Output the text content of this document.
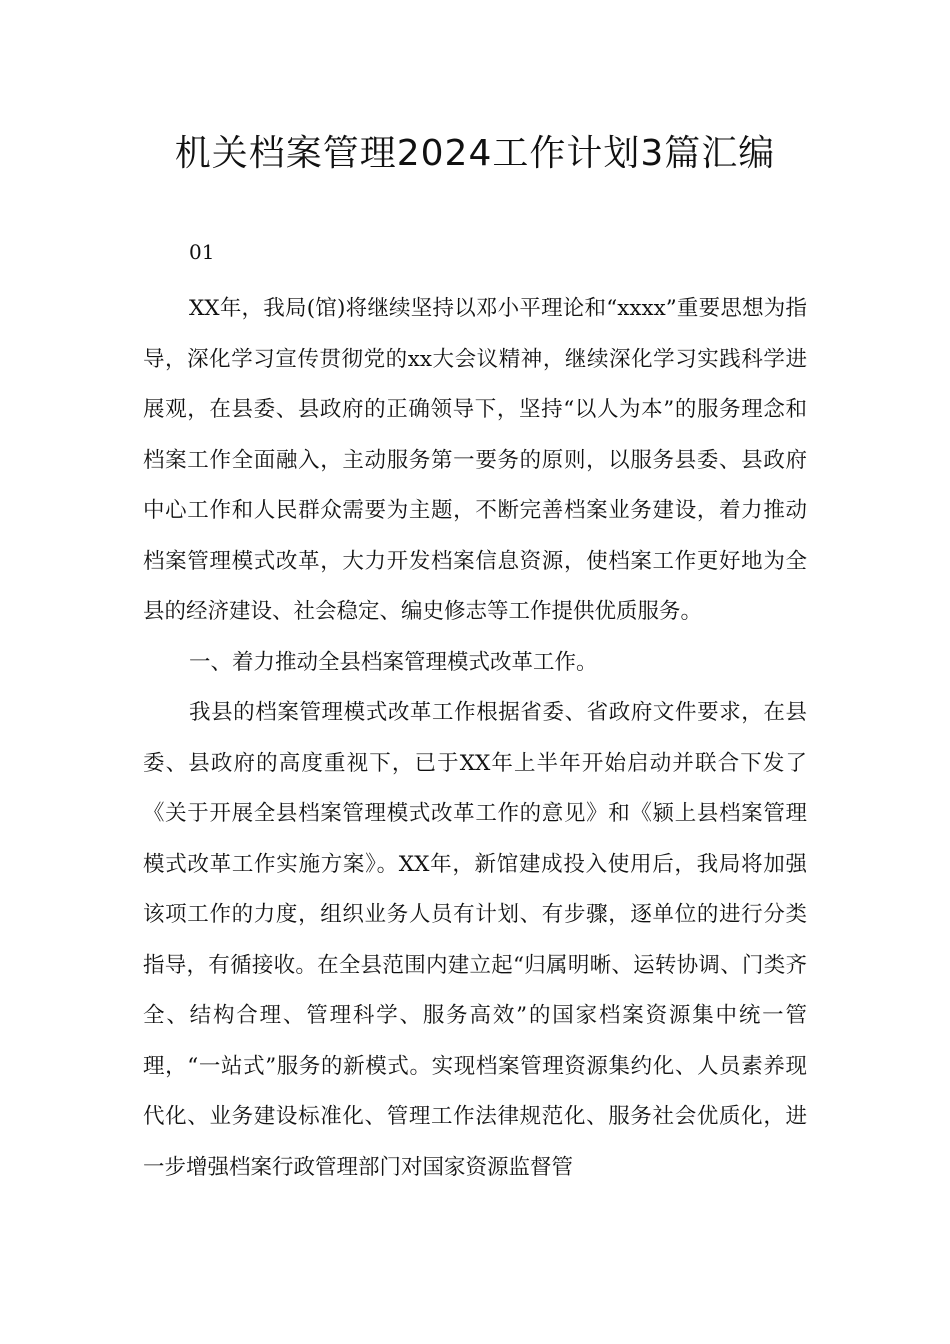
机关档案管理2024工作计划3篇汇编

01

XX年，我局(馆)将继续坚持以邓小平理论和“xxxx”重要思想为指导，深化学习宣传贯彻党的xx大会议精神，继续深化学习实践科学进展观，在县委、县政府的正确领导下，坚持“以人为本”的服务理念和档案工作全面融入，主动服务第一要务的原则，以服务县委、县政府中心工作和人民群众需要为主题，不断完善档案业务建设，着力推动档案管理模式改革，大力开发档案信息资源，使档案工作更好地为全县的经济建设、社会稳定、编史修志等工作提供优质服务。

一、着力推动全县档案管理模式改革工作。

我县的档案管理模式改革工作根据省委、省政府文件要求，在县委、县政府的高度重视下，已于XX年上半年开始启动并联合下发了《关于开展全县档案管理模式改革工作的意见》和《颍上县档案管理模式改革工作实施方案》。XX年，新馆建成投入使用后，我局将加强该项工作的力度，组织业务人员有计划、有步骤，逐单位的进行分类指导，有循接收。在全县范围内建立起“归属明晰、运转协调、门类齐全、结构合理、管理科学、服务高效”的国家档案资源集中统一管理，“一站式”服务的新模式。实现档案管理资源集约化、人员素养现代化、业务建设标准化、管理工作法律规范化、服务社会优质化，进一步增强档案行政管理部门对国家资源监督管
